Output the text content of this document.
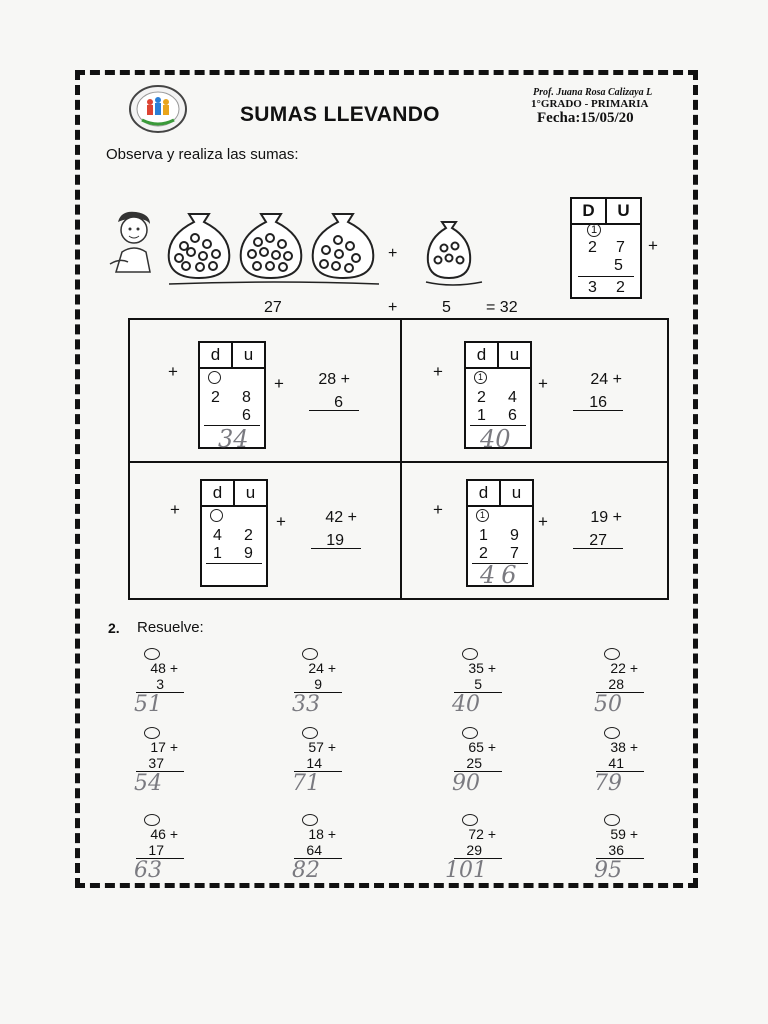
SUMAS LLEVANDO
Prof. Juana Rosa Calizaya L
1°GRADO - PRIMARIA
Fecha:15/05/20
Observa y realiza las sumas:
+
27	+	5 = 32
D	U
1
2 7
5
3 2
+
+
d	u
2 8
6
34
+	28 +
6
+
d	u
1
2 4
1 6
40
+	24 +
16
+
d	u
4 2
1 9
+	42 +
19
+
d	u
1
1 9
2 7
46
+	19 +
27
2. Resuelve:
48 +
3
51
24 +
9
33
35 +
5
40
22 +
28
50
17 +
37
54
57 +
14
71
65 +
25
90
38 +
41
79
46 +
17
63
18 +
64
82
72 +
29
101
59 +
36
95
